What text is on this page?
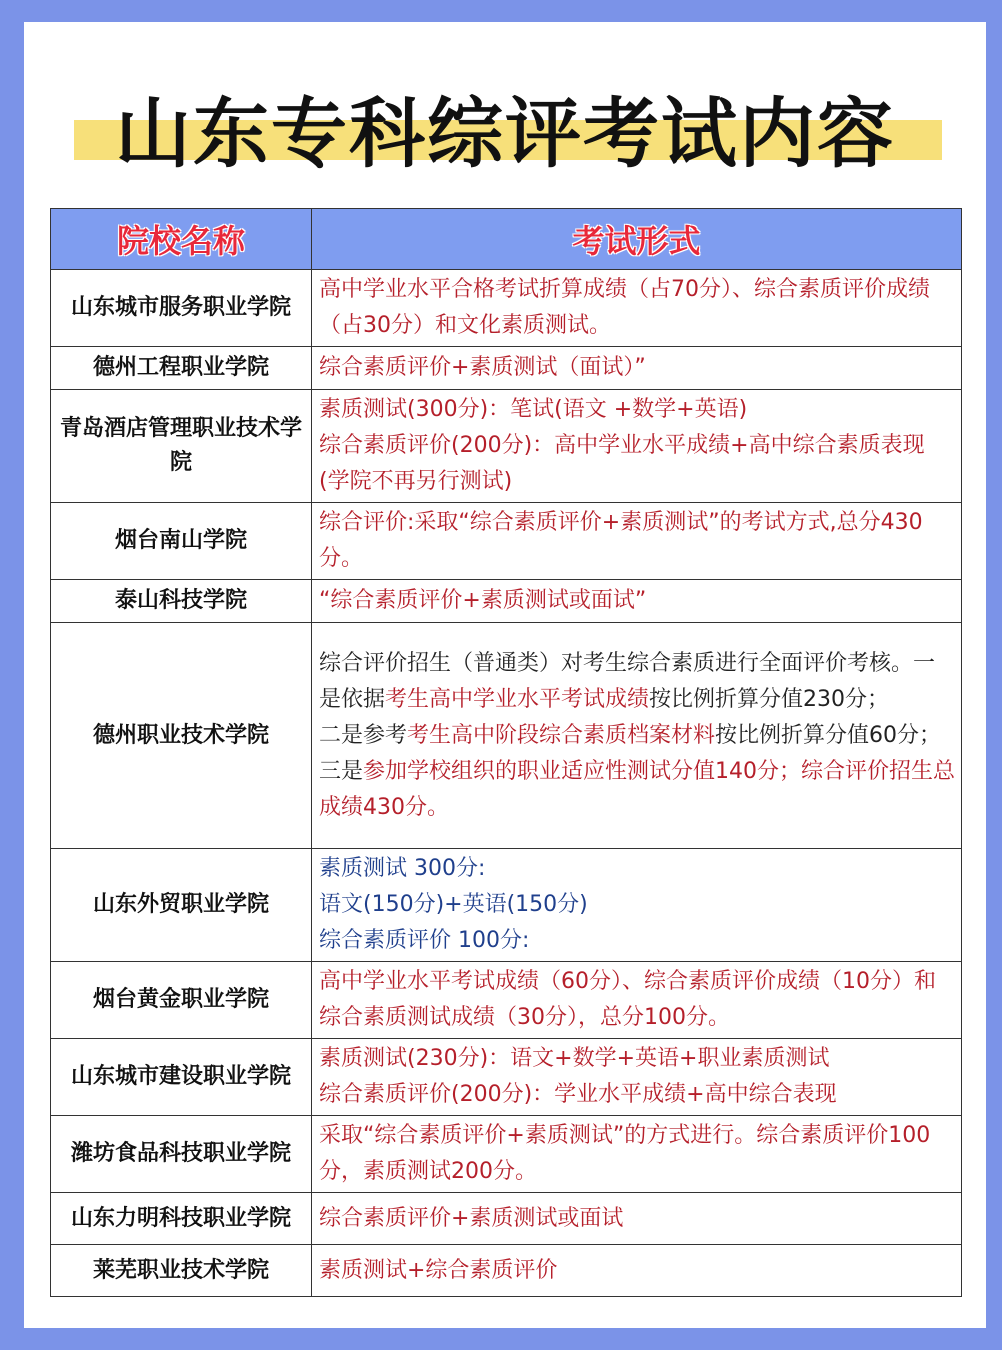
山东专科综评考试内容
院校名称	考试形式
山东城市服务职业学院	高中学业水平合格考试折算成绩（占70分）、综合素质评价成绩（占30分）和文化素质测试。

德州工程职业学院	综合素质评价+素质测试（面试）”

青岛酒店管理职业技术学院	素质测试(300分)：笔试(语文 +数学+英语)
综合素质评价(200分)：高中学业水平成绩+高中综合素质表现(学院不再另行测试)

烟台南山学院	综合评价:采取“综合素质评价+素质测试”的考试方式,总分430分。

泰山科技学院	“综合素质评价+素质测试或面试”

德州职业技术学院	综合评价招生（普通类）对考生综合素质进行全面评价考核。一是依据考生高中学业水平考试成绩按比例折算分值230分；
二是参考考生高中阶段综合素质档案材料按比例折算分值60分；三是参加学校组织的职业适应性测试分值140分；综合评价招生总成绩430分。
山东外贸职业学院	素质测试 300分:
语文(150分)+英语(150分)
综合素质评价 100分:

烟台黄金职业学院	高中学业水平考试成绩（60分）、综合素质评价成绩（10分）和综合素质测试成绩（30分），总分100分。

山东城市建设职业学院	素质测试(230分)：语文+数学+英语+职业素质测试
综合素质评价(200分)：学业水平成绩+高中综合表现

潍坊食品科技职业学院	采取“综合素质评价+素质测试”的方式进行。综合素质评价100分，素质测试200分。

山东力明科技职业学院	综合素质评价+素质测试或面试

莱芜职业技术学院	素质测试+综合素质评价
